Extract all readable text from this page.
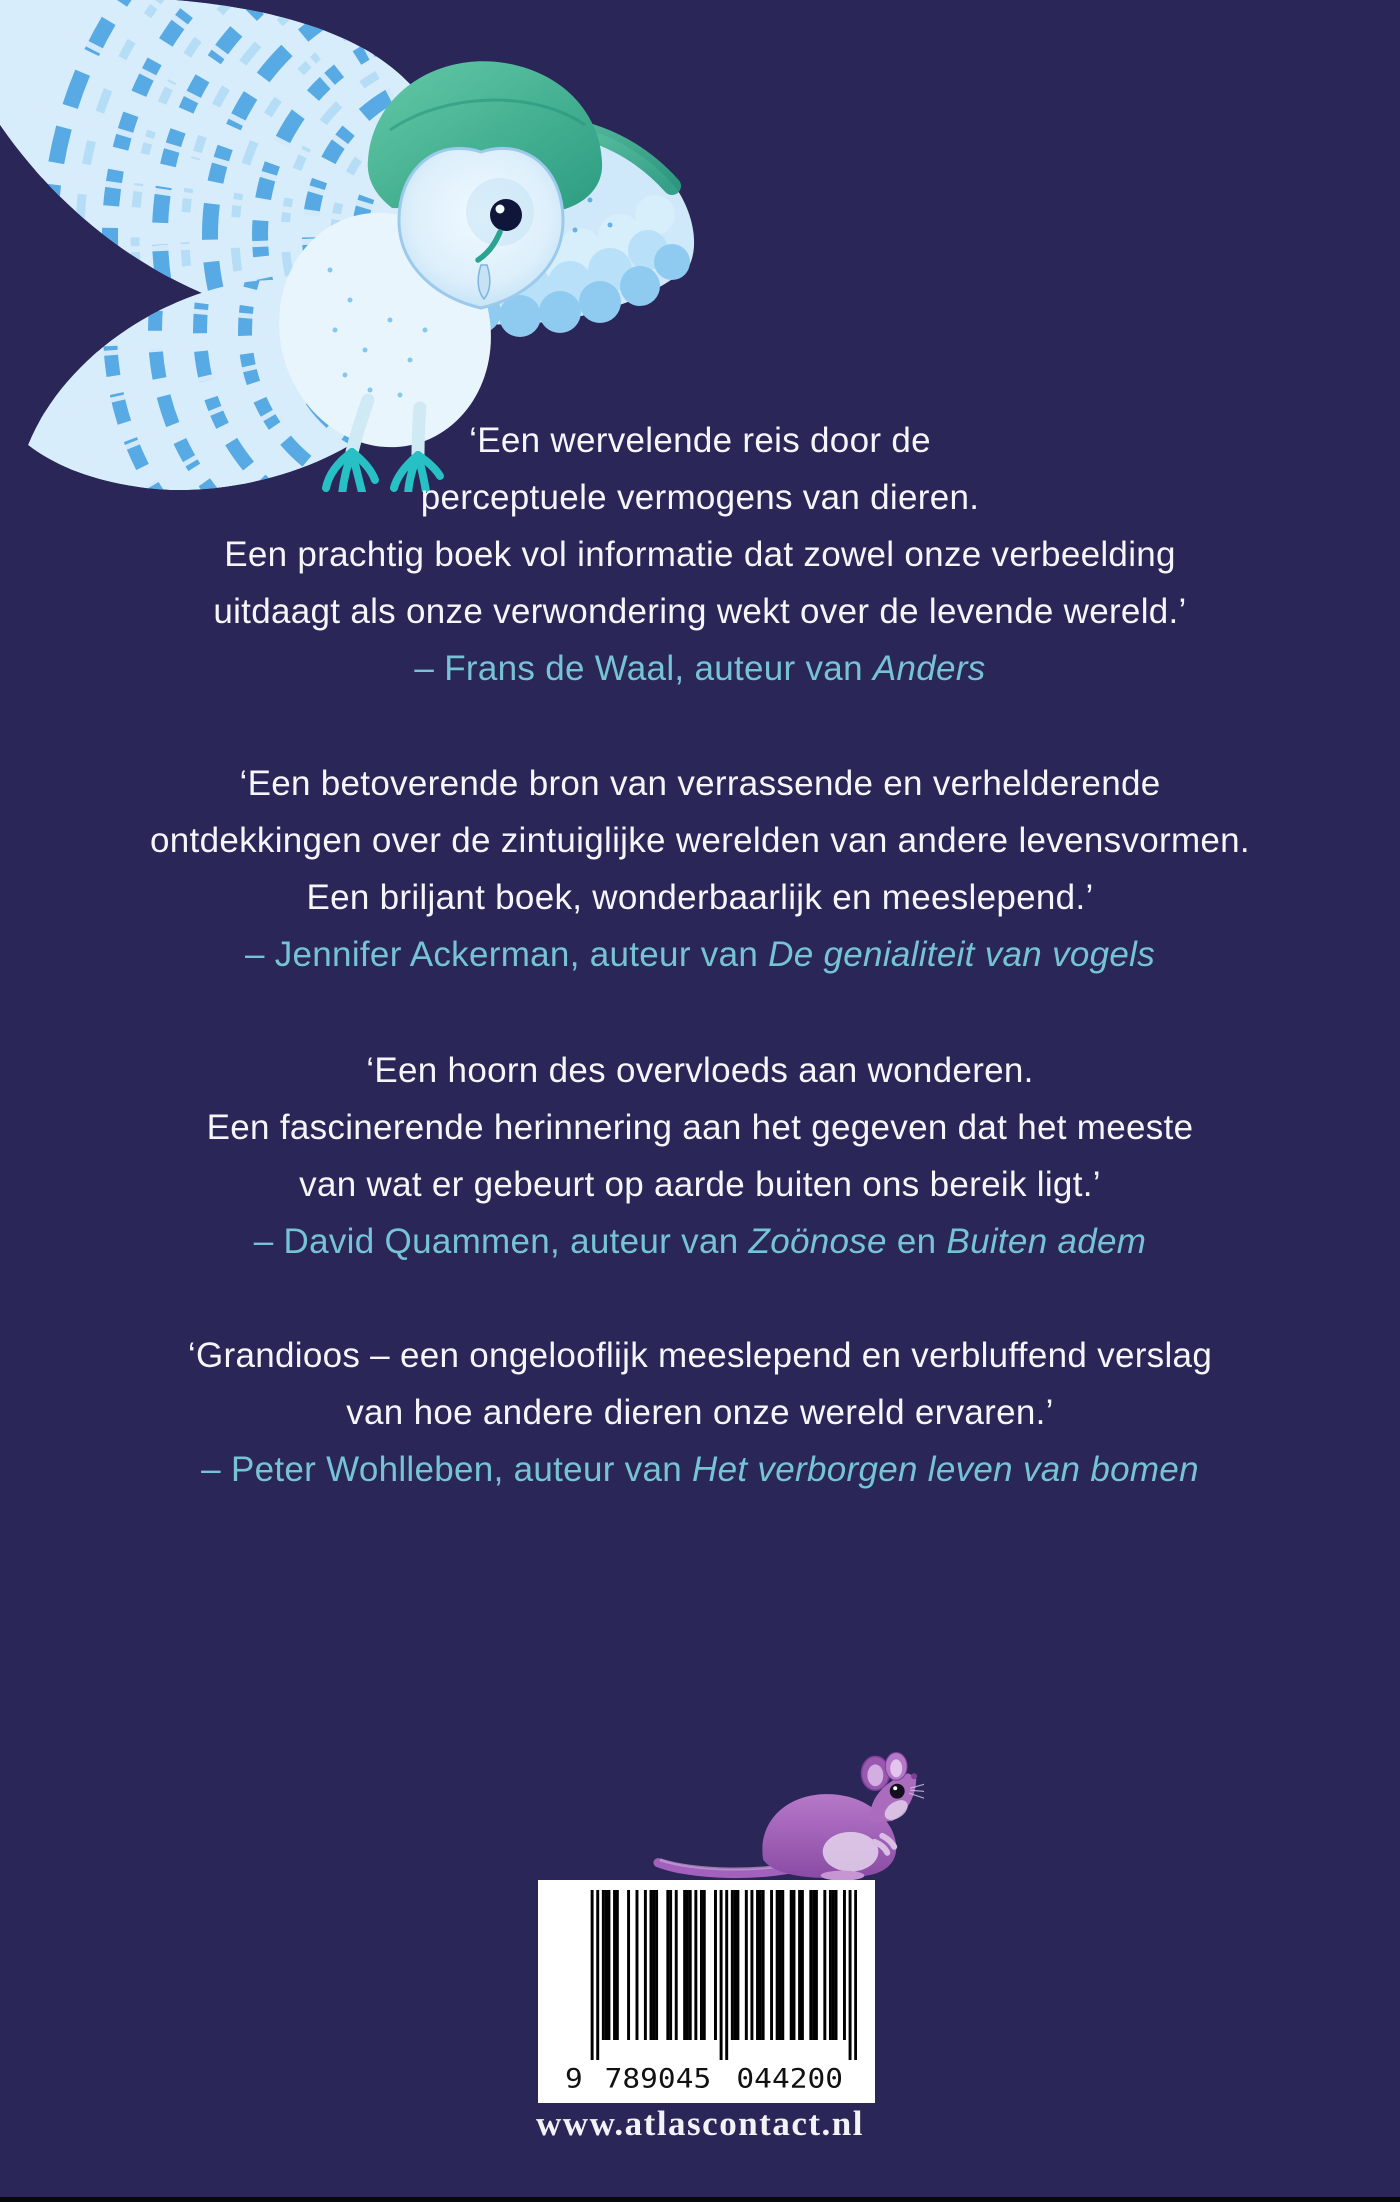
‘Een wervelende reis door de
perceptuele vermogens van dieren.
Een prachtig boek vol informatie dat zowel onze verbeelding
uitdaagt als onze verwondering wekt over de levende wereld.’
– Frans de Waal, auteur van Anders
‘Een betoverende bron van verrassende en verhelderende
ontdekkingen over de zintuiglijke werelden van andere levensvormen.
Een briljant boek, wonderbaarlijk en meeslepend.’
– Jennifer Ackerman, auteur van De genialiteit van vogels
‘Een hoorn des overvloeds aan wonderen.
Een fascinerende herinnering aan het gegeven dat het meeste
van wat er gebeurt op aarde buiten ons bereik ligt.’
– David Quammen, auteur van Zoönose en Buiten adem
‘Grandioos – een ongelooflijk meeslepend en verbluffend verslag
van hoe andere dieren onze wereld ervaren.’
– Peter Wohlleben, auteur van Het verborgen leven van bomen
9 789045 044200
www.atlascontact.nl
